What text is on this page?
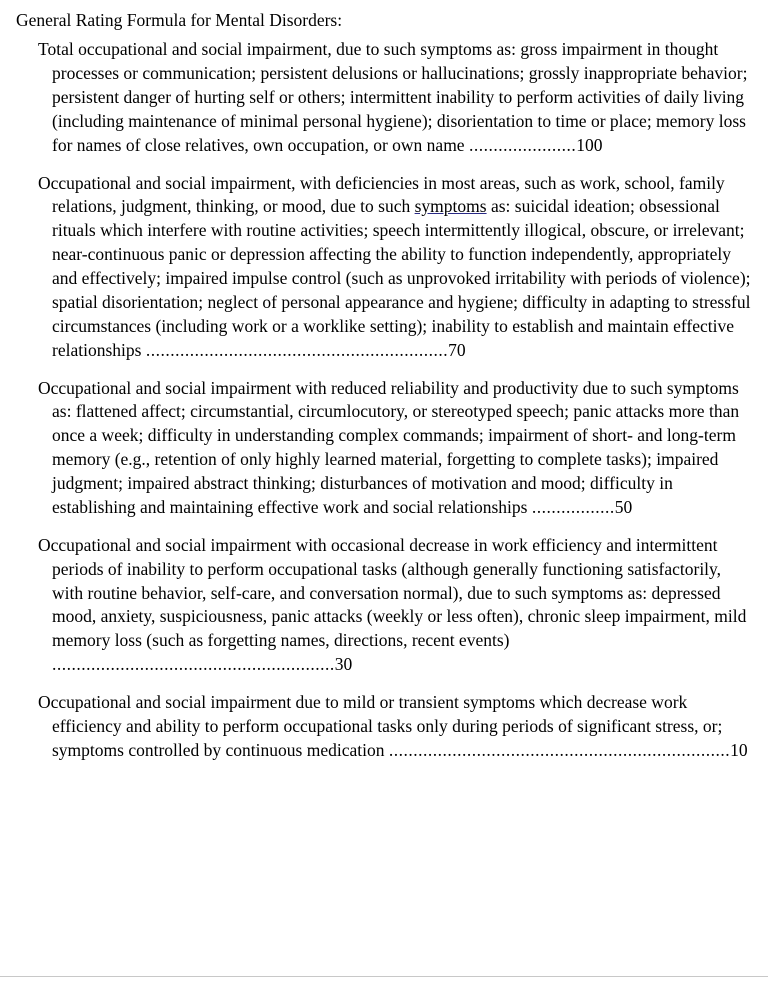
General Rating Formula for Mental Disorders:

Total occupational and social impairment, due to such symptoms as: gross impairment in thought processes or communication; persistent delusions or hallucinations; grossly inappropriate behavior; persistent danger of hurting self or others; intermittent inability to perform activities of daily living (including maintenance of minimal personal hygiene); disorientation to time or place; memory loss for names of close relatives, own occupation, or own name ......................100

Occupational and social impairment, with deficiencies in most areas, such as work, school, family relations, judgment, thinking, or mood, due to such symptoms as: suicidal ideation; obsessional rituals which interfere with routine activities; speech intermittently illogical, obscure, or irrelevant; near-continuous panic or depression affecting the ability to function independently, appropriately and effectively; impaired impulse control (such as unprovoked irritability with periods of violence); spatial disorientation; neglect of personal appearance and hygiene; difficulty in adapting to stressful circumstances (including work or a worklike setting); inability to establish and maintain effective relationships ..............................................................70

Occupational and social impairment with reduced reliability and productivity due to such symptoms as: flattened affect; circumstantial, circumlocutory, or stereotyped speech; panic attacks more than once a week; difficulty in understanding complex commands; impairment of short- and long-term memory (e.g., retention of only highly learned material, forgetting to complete tasks); impaired judgment; impaired abstract thinking; disturbances of motivation and mood; difficulty in establishing and maintaining effective work and social relationships .................50

Occupational and social impairment with occasional decrease in work efficiency and intermittent periods of inability to perform occupational tasks (although generally functioning satisfactorily, with routine behavior, self-care, and conversation normal), due to such symptoms as: depressed mood, anxiety, suspiciousness, panic attacks (weekly or less often), chronic sleep impairment, mild memory loss (such as forgetting names, directions, recent events) ..........................................................30

Occupational and social impairment due to mild or transient symptoms which decrease work efficiency and ability to perform occupational tasks only during periods of significant stress, or; symptoms controlled by continuous medication ......................................................................10
